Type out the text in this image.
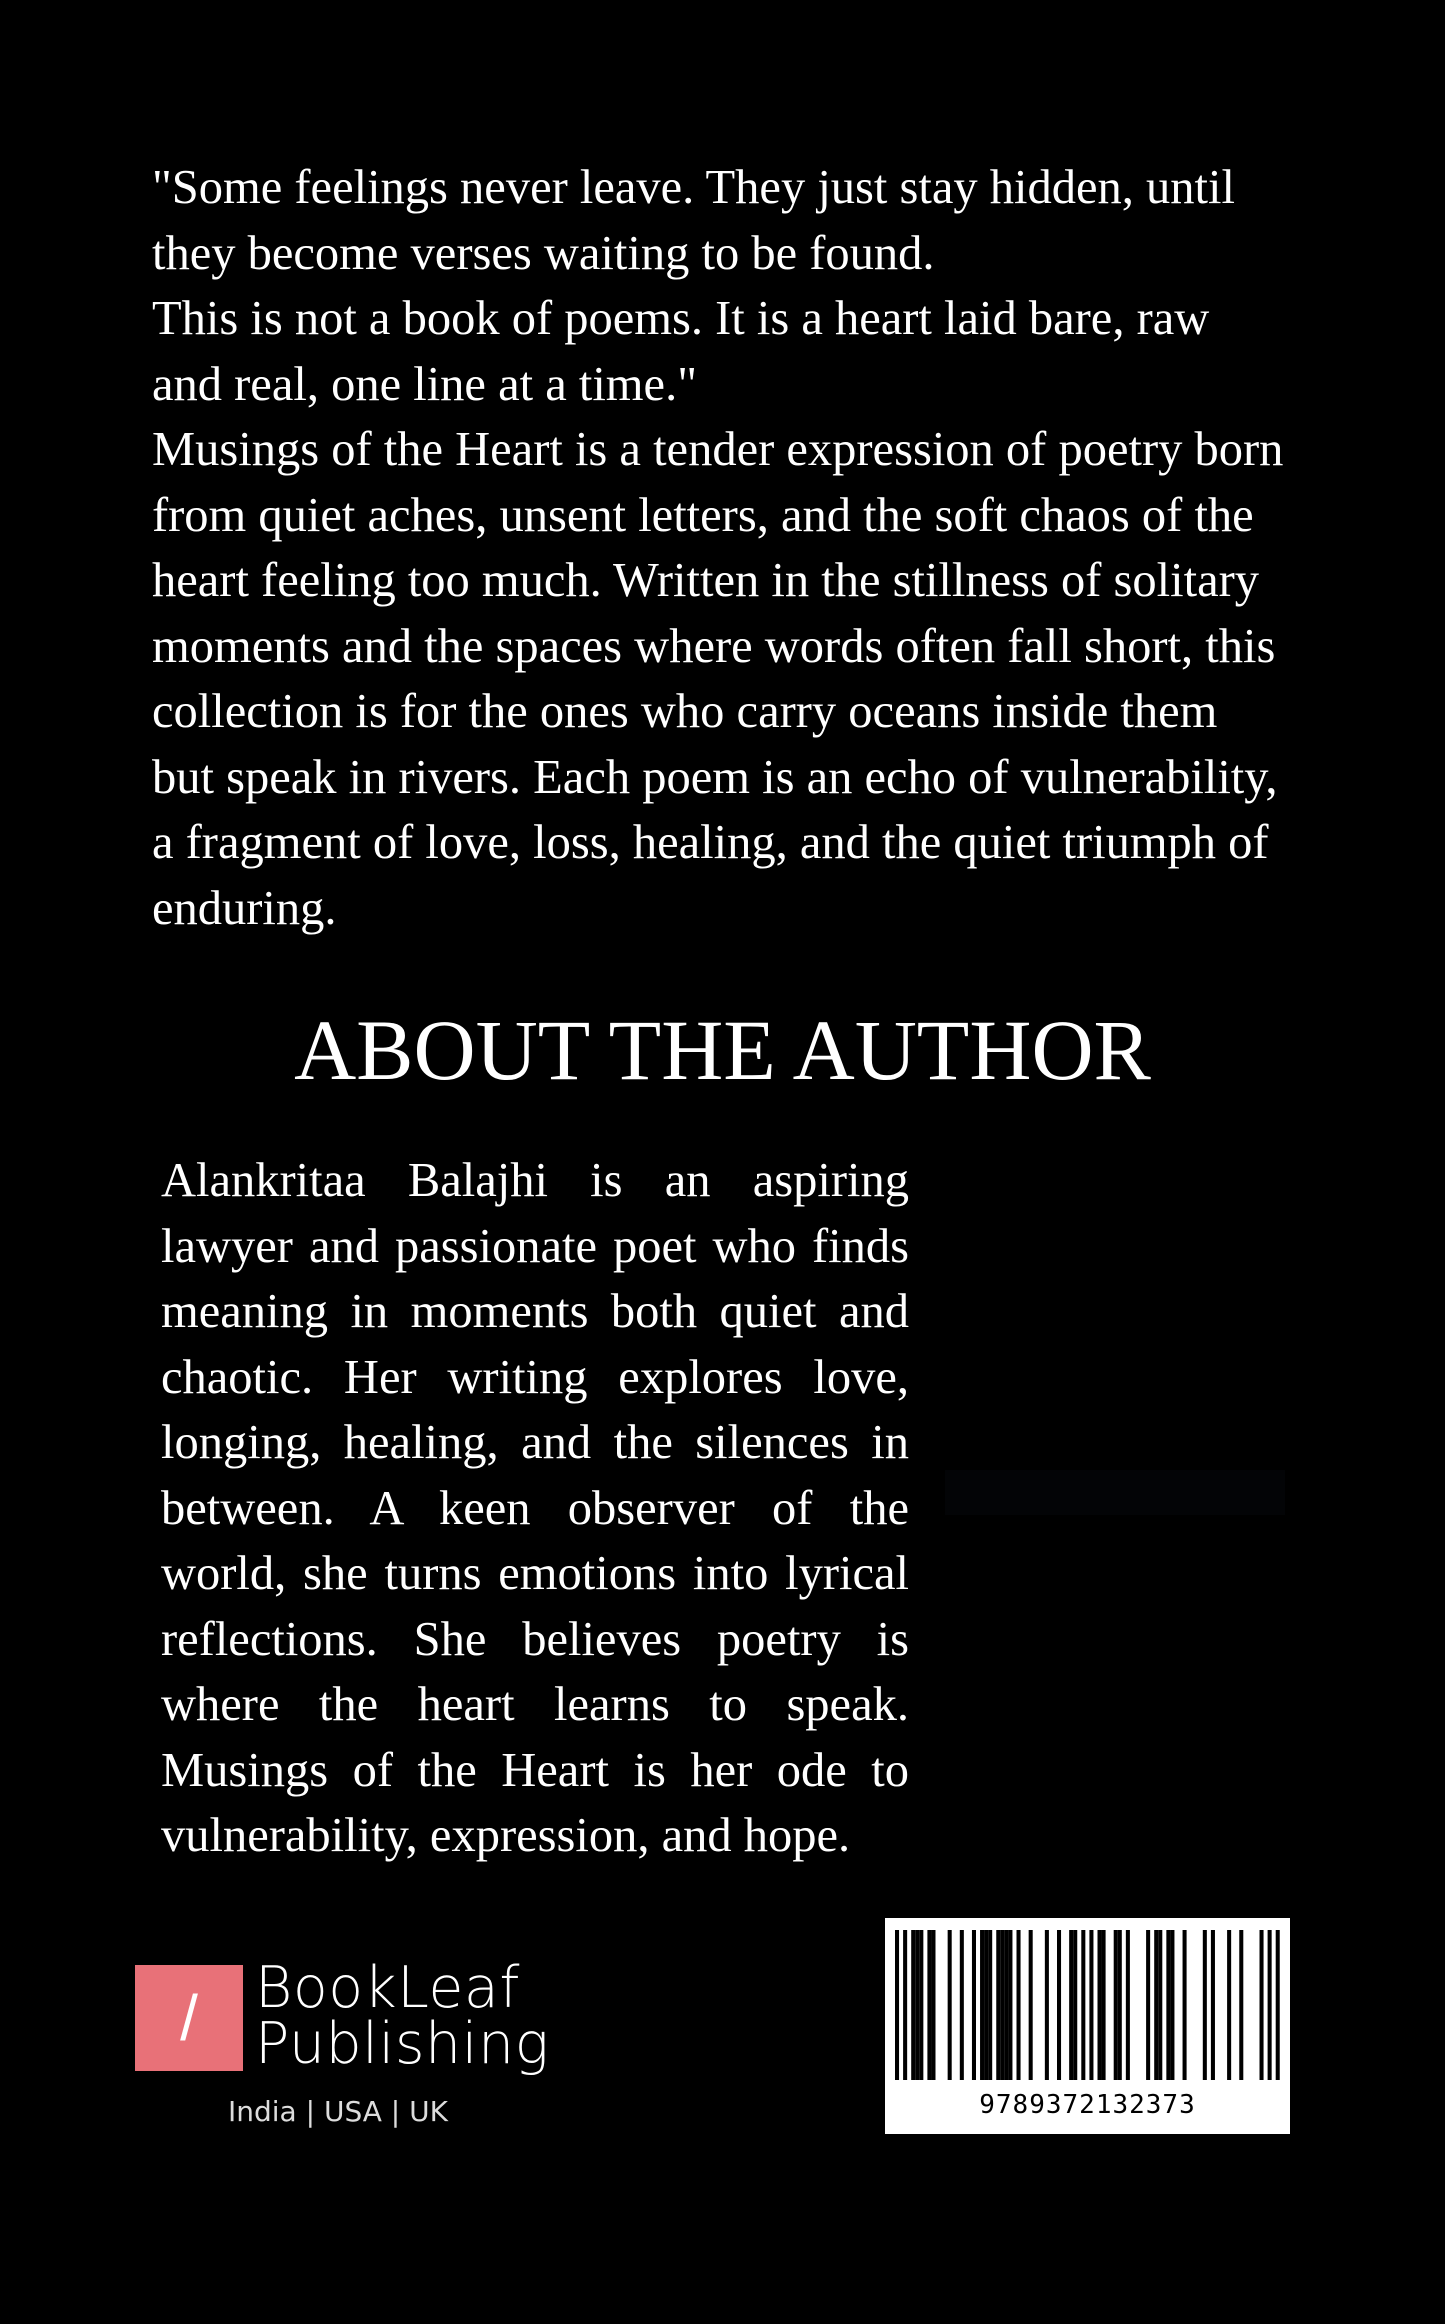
"Some feelings never leave. They just stay hidden, until
they become verses waiting to be found.
This is not a book of poems. It is a heart laid bare, raw
and real, one line at a time."

Musings of the Heart is a tender expression of poetry born
from quiet aches, unsent letters, and the soft chaos of the
heart feeling too much. Written in the stillness of solitary
moments and the spaces where words often fall short, this
collection is for the ones who carry oceans inside them
but speak in rivers. Each poem is an echo of vulnerability,
a fragment of love, loss, healing, and the quiet triumph of
enduring.

ABOUT THE AUTHOR

Alankritaa Balajhi is an aspiring lawyer and passionate poet who finds meaning in moments both quiet and chaotic. Her writing explores love, longing, healing, and the silences in between. A keen observer of the world, she turns emotions into lyrical reflections. She believes poetry is where the heart learns to speak. Musings of the Heart is her ode to vulnerability, expression, and hope.

/	BookLeaf
Publishing
India | USA | UK	9789372132373
